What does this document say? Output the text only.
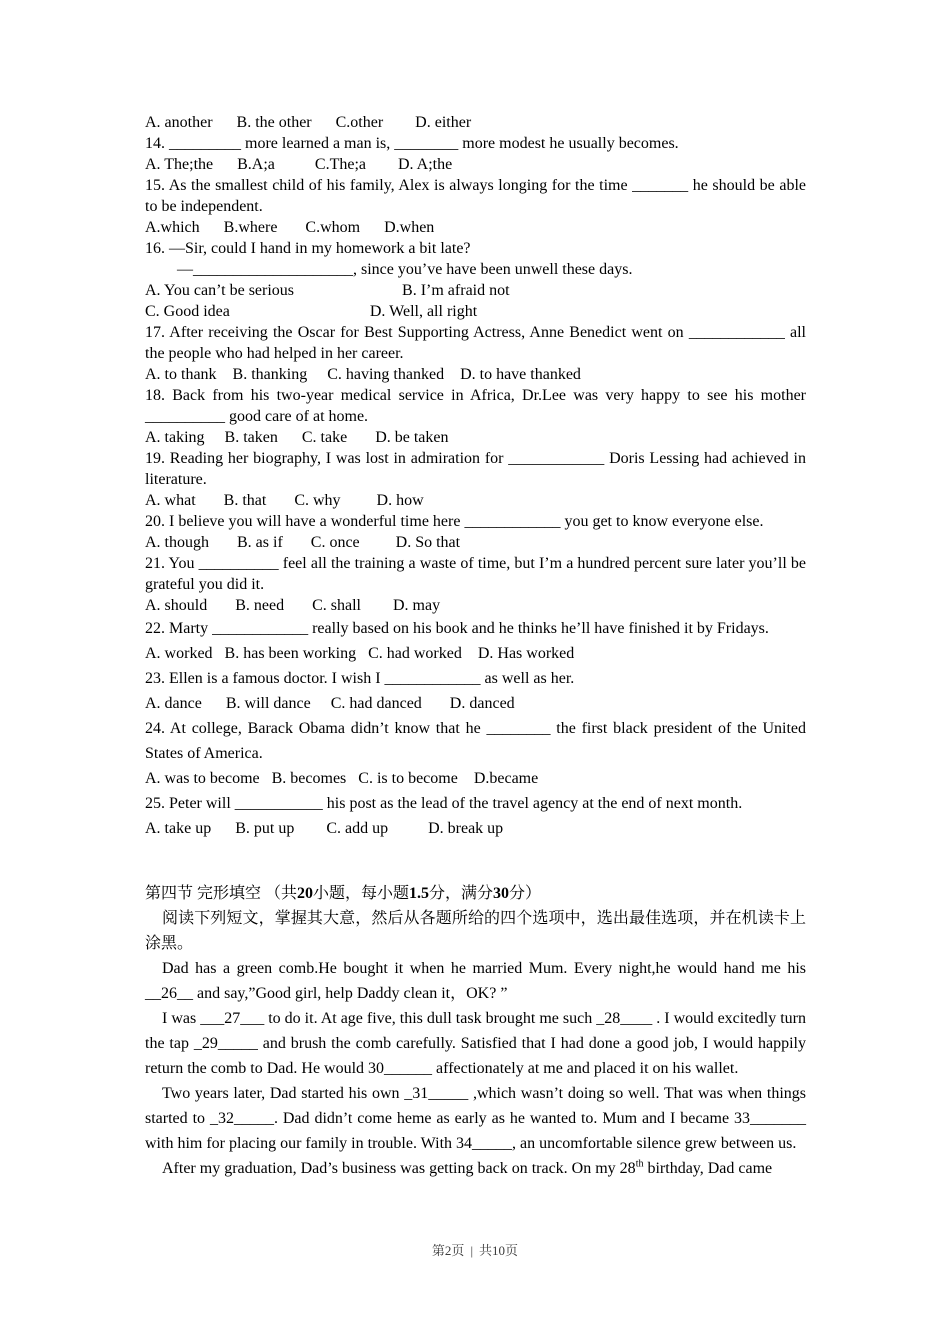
A. another      B. the other      C.other        D. either
14. _________ more learned a man is, ________ more modest he usually becomes.
A. The;the      B.A;a          C.The;a        D. A;the
15. As the smallest child of his family, Alex is always longing for the time _______ he should be able to be independent.
A.which      B.where       C.whom      D.when
16. —Sir, could I hand in my homework a bit late?
—____________________, since you’ve have been unwell these days.
A. You can’t be serious                           B. I’m afraid not
C. Good idea                                   D. Well, all right
17. After receiving the Oscar for Best Supporting Actress, Anne Benedict went on ____________ all the people who had helped in her career.
A. to thank    B. thanking     C. having thanked    D. to have thanked
18. Back from his two-year medical service in Africa, Dr.Lee was very happy to see his mother __________ good care of at home.
A. taking     B. taken      C. take       D. be taken
19. Reading her biography, I was lost in admiration for ____________ Doris Lessing had achieved in literature.
A. what       B. that       C. why         D. how
20. I believe you will have a wonderful time here ____________ you get to know everyone else.
A. though       B. as if       C. once         D. So that
21. You __________ feel all the training a waste of time, but I’m a hundred percent sure later you’ll be grateful you did it.
A. should       B. need       C. shall        D. may
22. Marty ____________ really based on his book and he thinks he’ll have finished it by Fridays.
A. worked   B. has been working   C. had worked    D. Has worked
23. Ellen is a famous doctor. I wish I ____________ as well as her.
A. dance      B. will dance     C. had danced       D. danced
24. At college, Barack Obama didn’t know that he ________ the first black president of the United States of America.
A. was to become   B. becomes   C. is to become    D.became
25. Peter will ___________ his post as the lead of the travel agency at the end of next month.
A. take up      B. put up        C. add up          D. break up
第四节 完形填空 （共20小题，每小题1.5分，满分30分）
阅读下列短文，掌握其大意，然后从各题所给的四个选项中，选出最佳选项，并在机读卡上涂黑。
Dad has a green comb.He bought it when he married Mum. Every night,he would hand me his __26__ and say,”Good girl, help Daddy clean it，OK? ”
I was ___27___ to do it. At age five, this dull task brought me such _28____ . I would excitedly turn the tap _29_____ and brush the comb carefully. Satisfied that I had done a good job, I would happily return the comb to Dad. He would 30______ affectionately at me and placed it on his wallet.
Two years later, Dad started his own _31_____ ,which wasn’t doing so well. That was when things started to _32_____. Dad didn’t come heme as early as he wanted to. Mum and I became 33_______ with him for placing our family in trouble. With 34_____, an uncomfortable silence grew between us.
After my graduation, Dad’s business was getting back on track. On my 28th birthday, Dad came
第2页 | 共10页
